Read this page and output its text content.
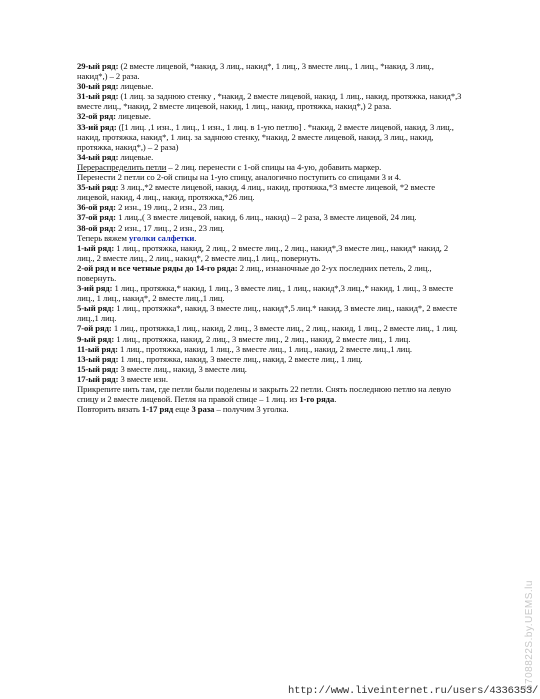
29-ый ряд: (2 вместе лицевой, *накид, 3 лиц., накид*, 1 лиц., 3 вместе лиц., 1 лиц., *накид, 3 лиц., накид*,) – 2 раза.
30-ый ряд: лицевые.
31-ый ряд: (1 лиц. за заднюю стенку , *накид, 2 вместе лицевой, накид, 1 лиц., накид, протяжка, накид*,3 вместе лиц., *накид, 2 вместе лицевой, накид, 1 лиц., накид, протяжка, накид*,) 2 раза.
32-ой ряд: лицевые.
33-ий ряд: ([1 лиц. ,1 изн., 1 лиц., 1 изн., 1 лиц. в 1-ую петлю] . *накид, 2 вместе лицевой, накид, 3 лиц., накид, протяжка, накид*, 1 лиц. за заднюю стенку, *накид, 2 вместе лицевой, накид, 3 лиц., накид, протяжка, накид*,) – 2 раза)
34-ый ряд: лицевые.
Перераспределить петли – 2 лиц. перенести с 1-ой спицы на 4-ую, добавить маркер.
Перенести 2 петли со 2-ой спицы на 1-ую спицу, аналогично поступить со спицами 3 и 4.
35-ый ряд: 3 лиц.,*2 вместе лицевой, накид, 4 лиц., накид, протяжка,*3 вместе лицевой, *2 вместе лицевой, накид, 4 лиц., накид, протяжка,*26 лиц.
36-ой ряд: 2 изн., 19 лиц., 2 изн., 23 лиц.
37-ой ряд: 1 лиц.,( 3 вместе лицевой, накид, 6 лиц., накид) – 2 раза, 3 вместе лицевой, 24 лиц.
38-ой ряд: 2 изн., 17 лиц., 2 изн., 23 лиц.
Теперь вяжем уголки салфетки.
1-ый ряд: 1 лиц., протяжка, накид, 2 лиц., 2 вместе лиц., 2 лиц., накид*,3 вместе лиц., накид* накид, 2 лиц., 2 вместе лиц., 2 лиц., накид*, 2 вместе лиц.,1 лиц., повернуть.
2-ой ряд и все четные ряды до 14-го ряда: 2 лиц., изнаночные до 2-ух последних петель, 2 лиц., повернуть.
3-ий ряд: 1 лиц., протяжка,* накид, 1 лиц., 3 вместе лиц., 1 лиц., накид*,3 лиц.,* накид, 1 лиц., 3 вместе лиц., 1 лиц., накид*, 2 вместе лиц.,1 лиц.
5-ый ряд: 1 лиц., протяжка*, накид, 3 вместе лиц., накид*,5 лиц.* накид, 3 вместе лиц., накид*, 2 вместе лиц.,1 лиц.
7-ой ряд: 1 лиц., протяжка,1 лиц., накид, 2 лиц., 3 вместе лиц., 2 лиц., накид, 1 лиц., 2 вместе лиц., 1 лиц.
9-ый ряд: 1 лиц., протяжка, накид, 2 лиц., 3 вместе лиц., 2 лиц., накид, 2 вместе лиц., 1 лиц.
11-ый ряд: 1 лиц., протяжка, накид, 1 лиц., 3 вместе лиц., 1 лиц., накид, 2 вместе лиц.,1 лиц.
13-ый ряд: 1 лиц., протяжка, накид, 3 вместе лиц., накид, 2 вместе лиц., 1 лиц.
15-ый ряд: 3 вместе лиц., накид, 3 вместе лиц.
17-ый ряд: 3 вместе изн.
Прикрепите нить там, где петли были поделены и закрыть 22 петли. Снять последнюю петлю на левую спицу и 2 вместе лицевой. Петля на правой спице – 1 лиц. из 1-го ряда.
Повторить вязать 1-17 ряд еще 3 раза – получим 3 уголка.
5708822S.by.UEMS.lu
http://www.liveinternet.ru/users/4336353/
